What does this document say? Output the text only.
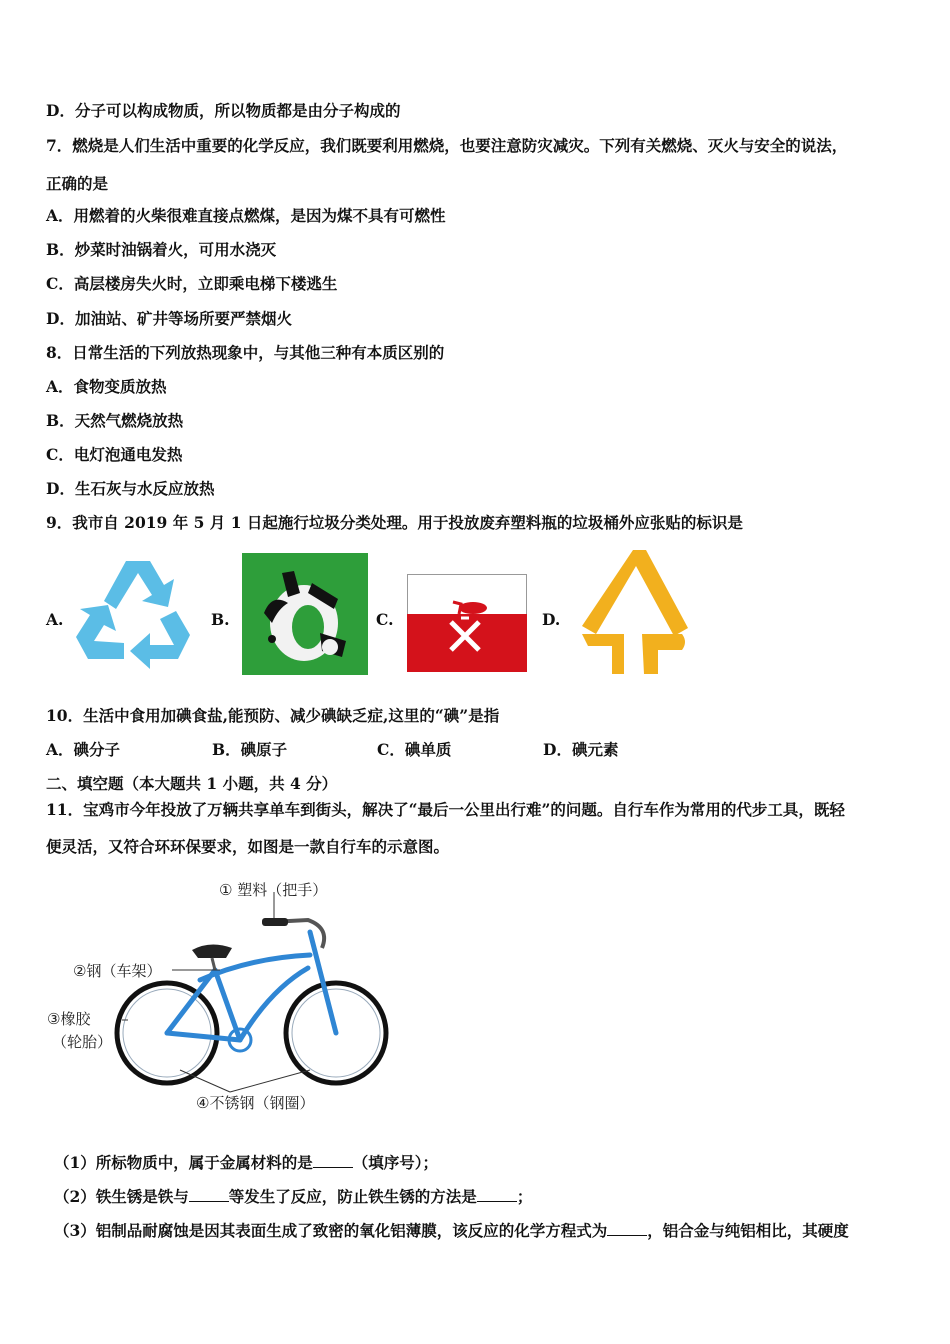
D．分子可以构成物质，所以物质都是由分子构成的
7．燃烧是人们生活中重要的化学反应，我们既要利用燃烧，也要注意防灾减灾。下列有关燃烧、灭火与安全的说法，
正确的是
A．用燃着的火柴很难直接点燃煤，是因为煤不具有可燃性
B．炒菜时油锅着火，可用水浇灭
C．高层楼房失火时，立即乘电梯下楼逃生
D．加油站、矿井等场所要严禁烟火
8．日常生活的下列放热现象中，与其他三种有本质区别的
A．食物变质放热
B．天然气燃烧放热
C．电灯泡通电发热
D．生石灰与水反应放热
9．我市自 2019 年 5 月 1 日起施行垃圾分类处理。用于投放废弃塑料瓶的垃圾桶外应张贴的标识是
A.	B.	C.	D.
10．生活中食用加碘食盐,能预防、减少碘缺乏症,这里的“碘”是指
A．碘分子	B．碘原子	C．碘单质	D．碘元素
二、填空题（本大题共 1 小题，共 4 分）
11．宝鸡市今年投放了万辆共享单车到街头，解决了“最后一公里出行难”的问题。自行车作为常用的代步工具，既轻
便灵活，又符合环环保要求，如图是一款自行车的示意图。
① 塑料（把手）
②钢（车架）
③橡胶
（轮胎）
④不锈钢（钢圈）
（1）所标物质中，属于金属材料的是	（填序号）；
（2）铁生锈是铁与	等发生了反应，防止铁生锈的方法是	；
（3）铝制品耐腐蚀是因其表面生成了致密的氧化铝薄膜，该反应的化学方程式为	，铝合金与纯铝相比，其硬度
